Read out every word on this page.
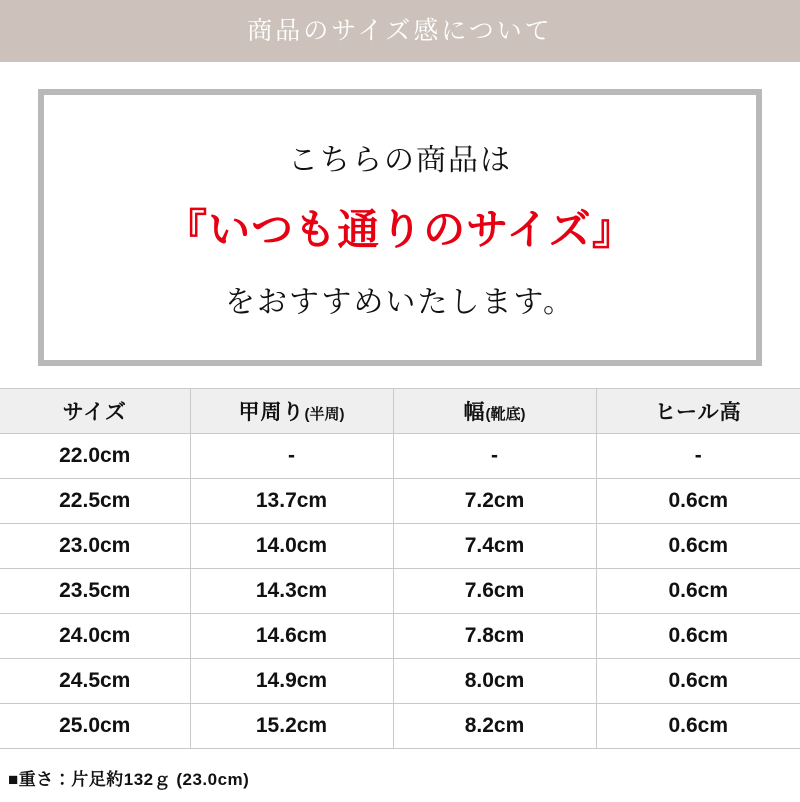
商品のサイズ感について
こちらの商品は
『いつも通りのサイズ』
をおすすめいたします。
サイズ	甲周り(半周)	幅(靴底)	ヒール高
22.0cm	-	-	-
22.5cm	13.7cm	7.2cm	0.6cm
23.0cm	14.0cm	7.4cm	0.6cm
23.5cm	14.3cm	7.6cm	0.6cm
24.0cm	14.6cm	7.8cm	0.6cm
24.5cm	14.9cm	8.0cm	0.6cm
25.0cm	15.2cm	8.2cm	0.6cm
■重さ：片足約132ｇ (23.0cm)
